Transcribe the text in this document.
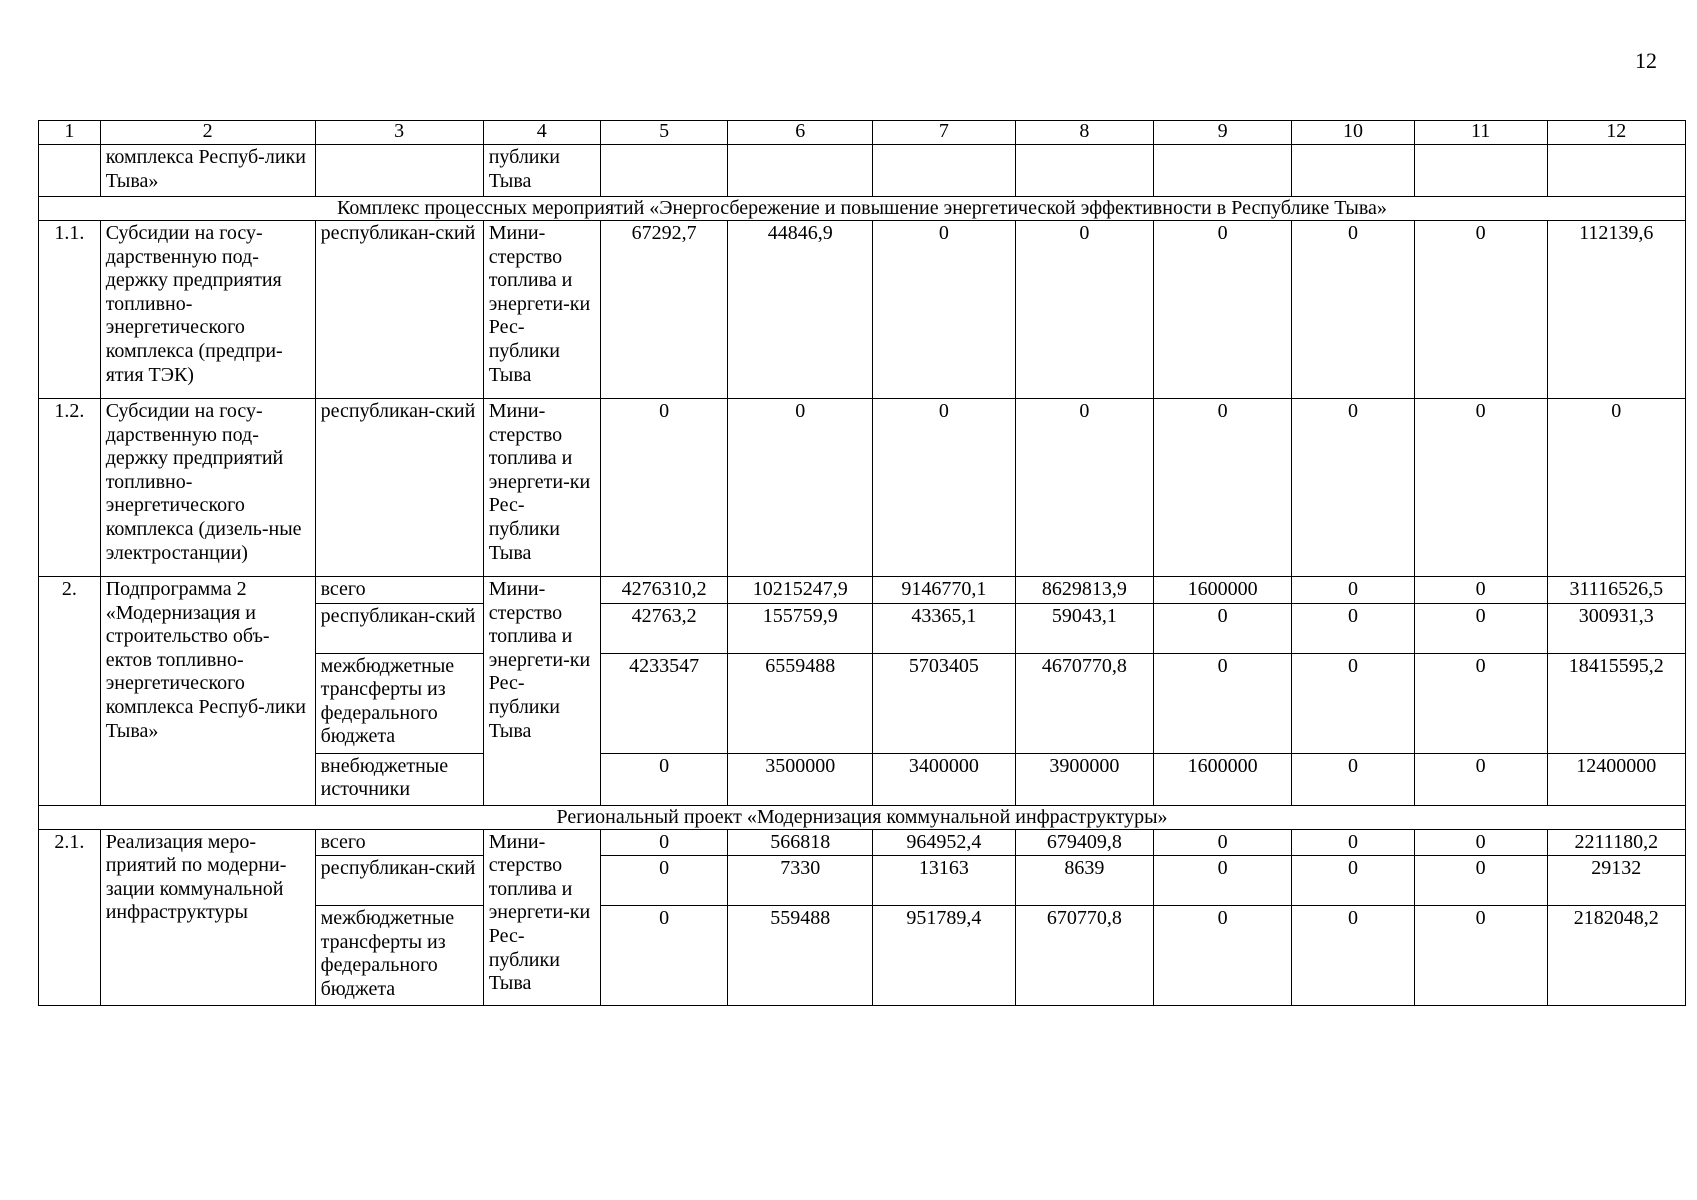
12
1	2	3	4	5	6	7	8	9	10	11	12
	комплекса Респуб-лики Тыва»		публики Тыва								
Комплекс процессных мероприятий «Энергосбережение и повышение энергетической эффективности в Республике Тыва»											
1.1.	Субсидии на госу-дарственную под-держку предприятия топливно-энергетического комплекса (предпри-ятия ТЭК)	республикан-ский	Мини-стерство топлива и энергети-ки Рес-публики Тыва	67292,7	44846,9	0	0	0	0	0	112139,6
1.2.	Субсидии на госу-дарственную под-держку предприятий топливно-энергетического комплекса (дизель-ные электростанции)	республикан-ский	Мини-стерство топлива и энергети-ки Рес-публики Тыва	0	0	0	0	0	0	0	0
2.	Подпрограмма 2 «Модернизация и строительство объ-ектов топливно-энергетического комплекса Респуб-лики Тыва»	всего	Мини-стерство топлива и энергети-ки Рес-публики Тыва	4276310,2	10215247,9	9146770,1	8629813,9	1600000	0	0	31116526,5
		республикан-ский		42763,2	155759,9	43365,1	59043,1	0	0	0	300931,3
		межбюджетные трансферты из федерального бюджета		4233547	6559488	5703405	4670770,8	0	0	0	18415595,2
		внебюджетные источники		0	3500000	3400000	3900000	1600000	0	0	12400000
Региональный проект «Модернизация коммунальной инфраструктуры»											
2.1.	Реализация меро-приятий по модерни-зации коммунальной инфраструктуры	всего	Мини-стерство топлива и энергети-ки Рес-публики Тыва	0	566818	964952,4	679409,8	0	0	0	2211180,2
		республикан-ский		0	7330	13163	8639	0	0	0	29132
		межбюджетные трансферты из федерального бюджета		0	559488	951789,4	670770,8	0	0	0	2182048,2
